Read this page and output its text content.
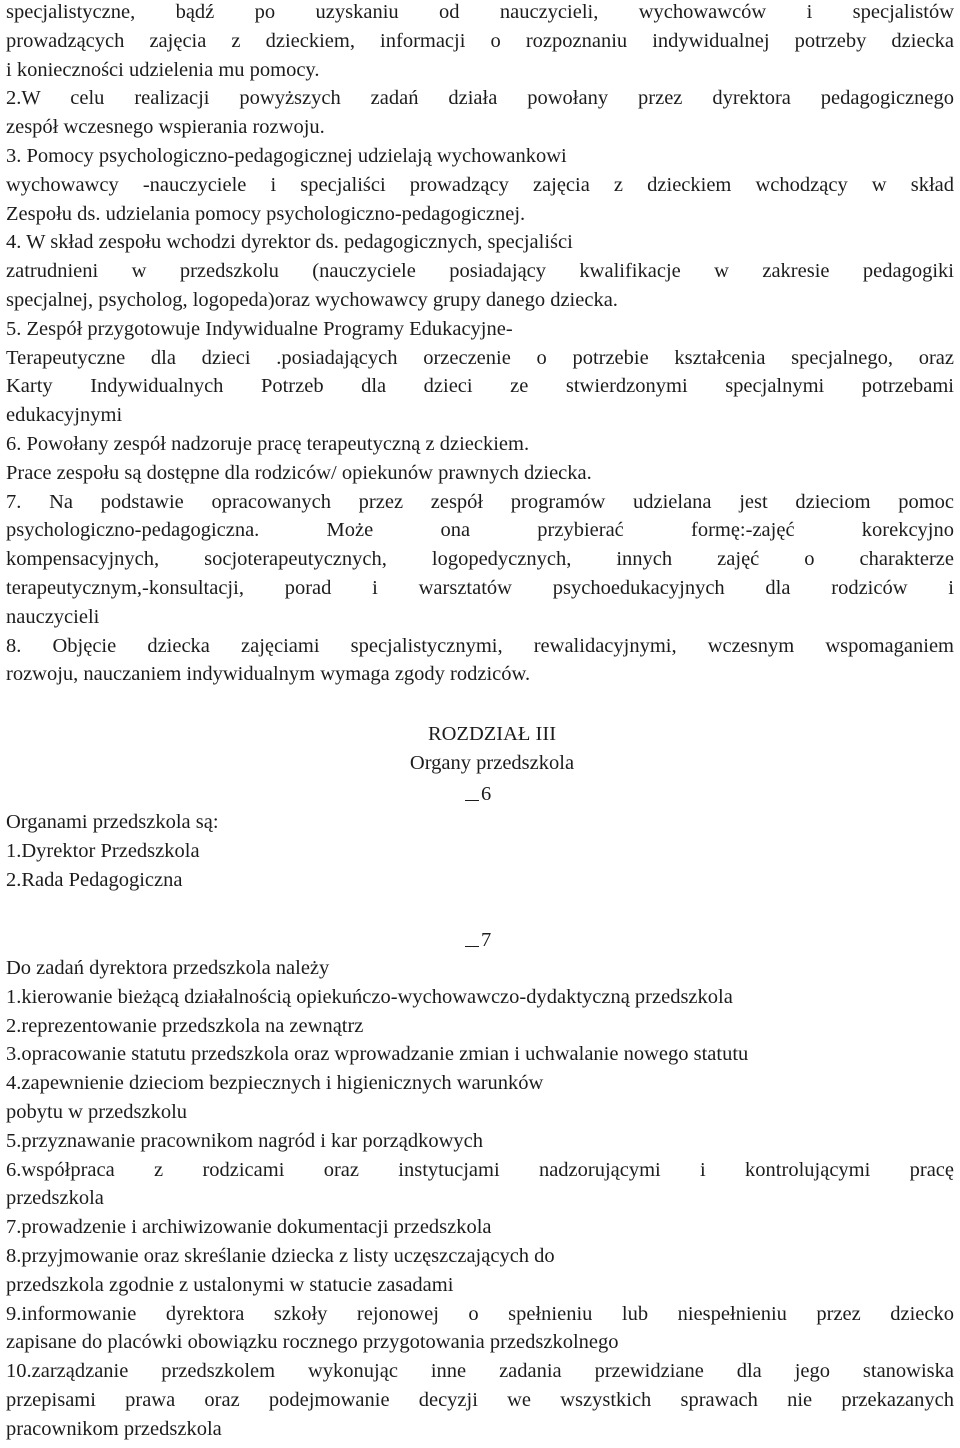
specjalistyczne, bądź po uzyskaniu od nauczycieli, wychowawców i specjalistów
prowadzących zajęcia z dzieckiem, informacji o rozpoznaniu indywidualnej potrzeby dziecka
i konieczności udzielenia mu pomocy.
2.W celu realizacji powyższych zadań działa powołany przez dyrektora pedagogicznego
zespół wczesnego wspierania rozwoju.
3. Pomocy psychologiczno-pedagogicznej udzielają wychowankowi
wychowawcy -nauczyciele i specjaliści prowadzący zajęcia z dzieckiem wchodzący w skład
Zespołu ds. udzielania pomocy psychologiczno-pedagogicznej.
4. W skład zespołu wchodzi dyrektor ds. pedagogicznych, specjaliści
zatrudnieni w przedszkolu (nauczyciele posiadający kwalifikacje w zakresie pedagogiki
specjalnej, psycholog, logopeda)oraz wychowawcy grupy danego dziecka.
5. Zespół przygotowuje Indywidualne Programy Edukacyjne-
Terapeutyczne dla dzieci .posiadających orzeczenie o potrzebie kształcenia specjalnego, oraz
Karty Indywidualnych Potrzeb dla dzieci ze stwierdzonymi specjalnymi potrzebami
edukacyjnymi
6. Powołany zespół nadzoruje pracę terapeutyczną z dzieckiem.
Prace zespołu są dostępne dla rodziców/ opiekunów prawnych dziecka.
7. Na podstawie opracowanych przez zespół programów udzielana jest dzieciom pomoc
psychologiczno-pedagogiczna. Może ona przybierać formę:-zajęć korekcyjno
kompensacyjnych, socjoterapeutycznych, logopedycznych, innych zajęć o charakterze
terapeutycznym,-konsultacji, porad i warsztatów psychoedukacyjnych dla rodziców i
nauczycieli
8. Objęcie dziecka zajęciami specjalistycznymi, rewalidacyjnymi, wczesnym wspomaganiem
rozwoju, nauczaniem indywidualnym wymaga zgody rodziców.
ROZDZIAŁ III
Organy przedszkola
6
Organami przedszkola są:
1.Dyrektor Przedszkola
2.Rada Pedagogiczna
7
Do zadań dyrektora przedszkola należy
1.kierowanie bieżącą działalnością opiekuńczo-wychowawczo-dydaktyczną przedszkola
2.reprezentowanie przedszkola na zewnątrz
3.opracowanie statutu przedszkola oraz wprowadzanie zmian i uchwalanie nowego statutu
4.zapewnienie dzieciom bezpiecznych i higienicznych warunków
pobytu w przedszkolu
5.przyznawanie pracownikom nagród i kar porządkowych
6.współpraca z rodzicami oraz instytucjami nadzorującymi i kontrolującymi pracę
przedszkola
7.prowadzenie i archiwizowanie dokumentacji przedszkola
8.przyjmowanie oraz skreślanie dziecka z listy uczęszczających do
przedszkola zgodnie z ustalonymi w statucie zasadami
9.informowanie dyrektora szkoły rejonowej o spełnieniu lub niespełnieniu przez dziecko
zapisane do placówki obowiązku rocznego przygotowania przedszkolnego
10.zarządzanie przedszkolem wykonując inne zadania przewidziane dla jego stanowiska
przepisami prawa oraz podejmowanie decyzji we wszystkich sprawach nie przekazanych
pracownikom przedszkola
